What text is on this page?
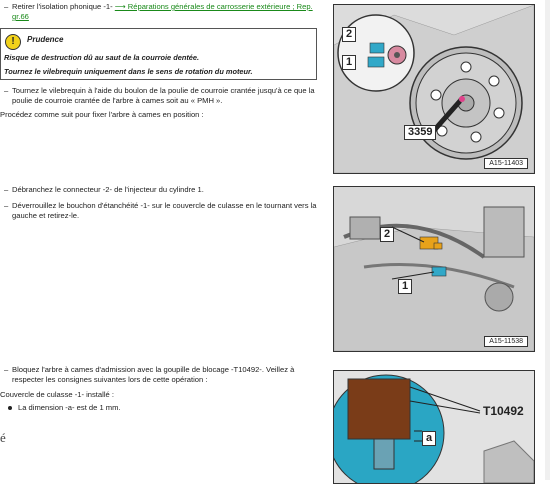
– Retirer l'isolation phonique -1- ⟶ Réparations générales de carrosserie extérieure ; Rep. gr.66
!	Prudence
Risque de destruction dû au saut de la courroie dentée.
Tournez le vilebrequin uniquement dans le sens de rotation du moteur.
– Tournez le vilebrequin à l'aide du boulon de la poulie de courroie crantée jusqu'à ce que la
poulie de courroie crantée de l'arbre à cames soit au « PMH ».
Procédez comme suit pour fixer l'arbre à cames en position :
– Débranchez le connecteur -2- de l'injecteur du cylindre 1.
– Déverrouillez le bouchon d'étanchéité -1- sur le couvercle de culasse en le tournant vers la
gauche et retirez-le.
– Bloquez l'arbre à cames d'admission avec la goupille de blocage -T10492-. Veillez à
respecter les consignes suivantes lors de cette opération :
Couvercle de culasse -1- installé :
La dimension -a- est de 1 mm.
é
2
1
3359
A15-11403
2
1
A15-11538
T10492
a
